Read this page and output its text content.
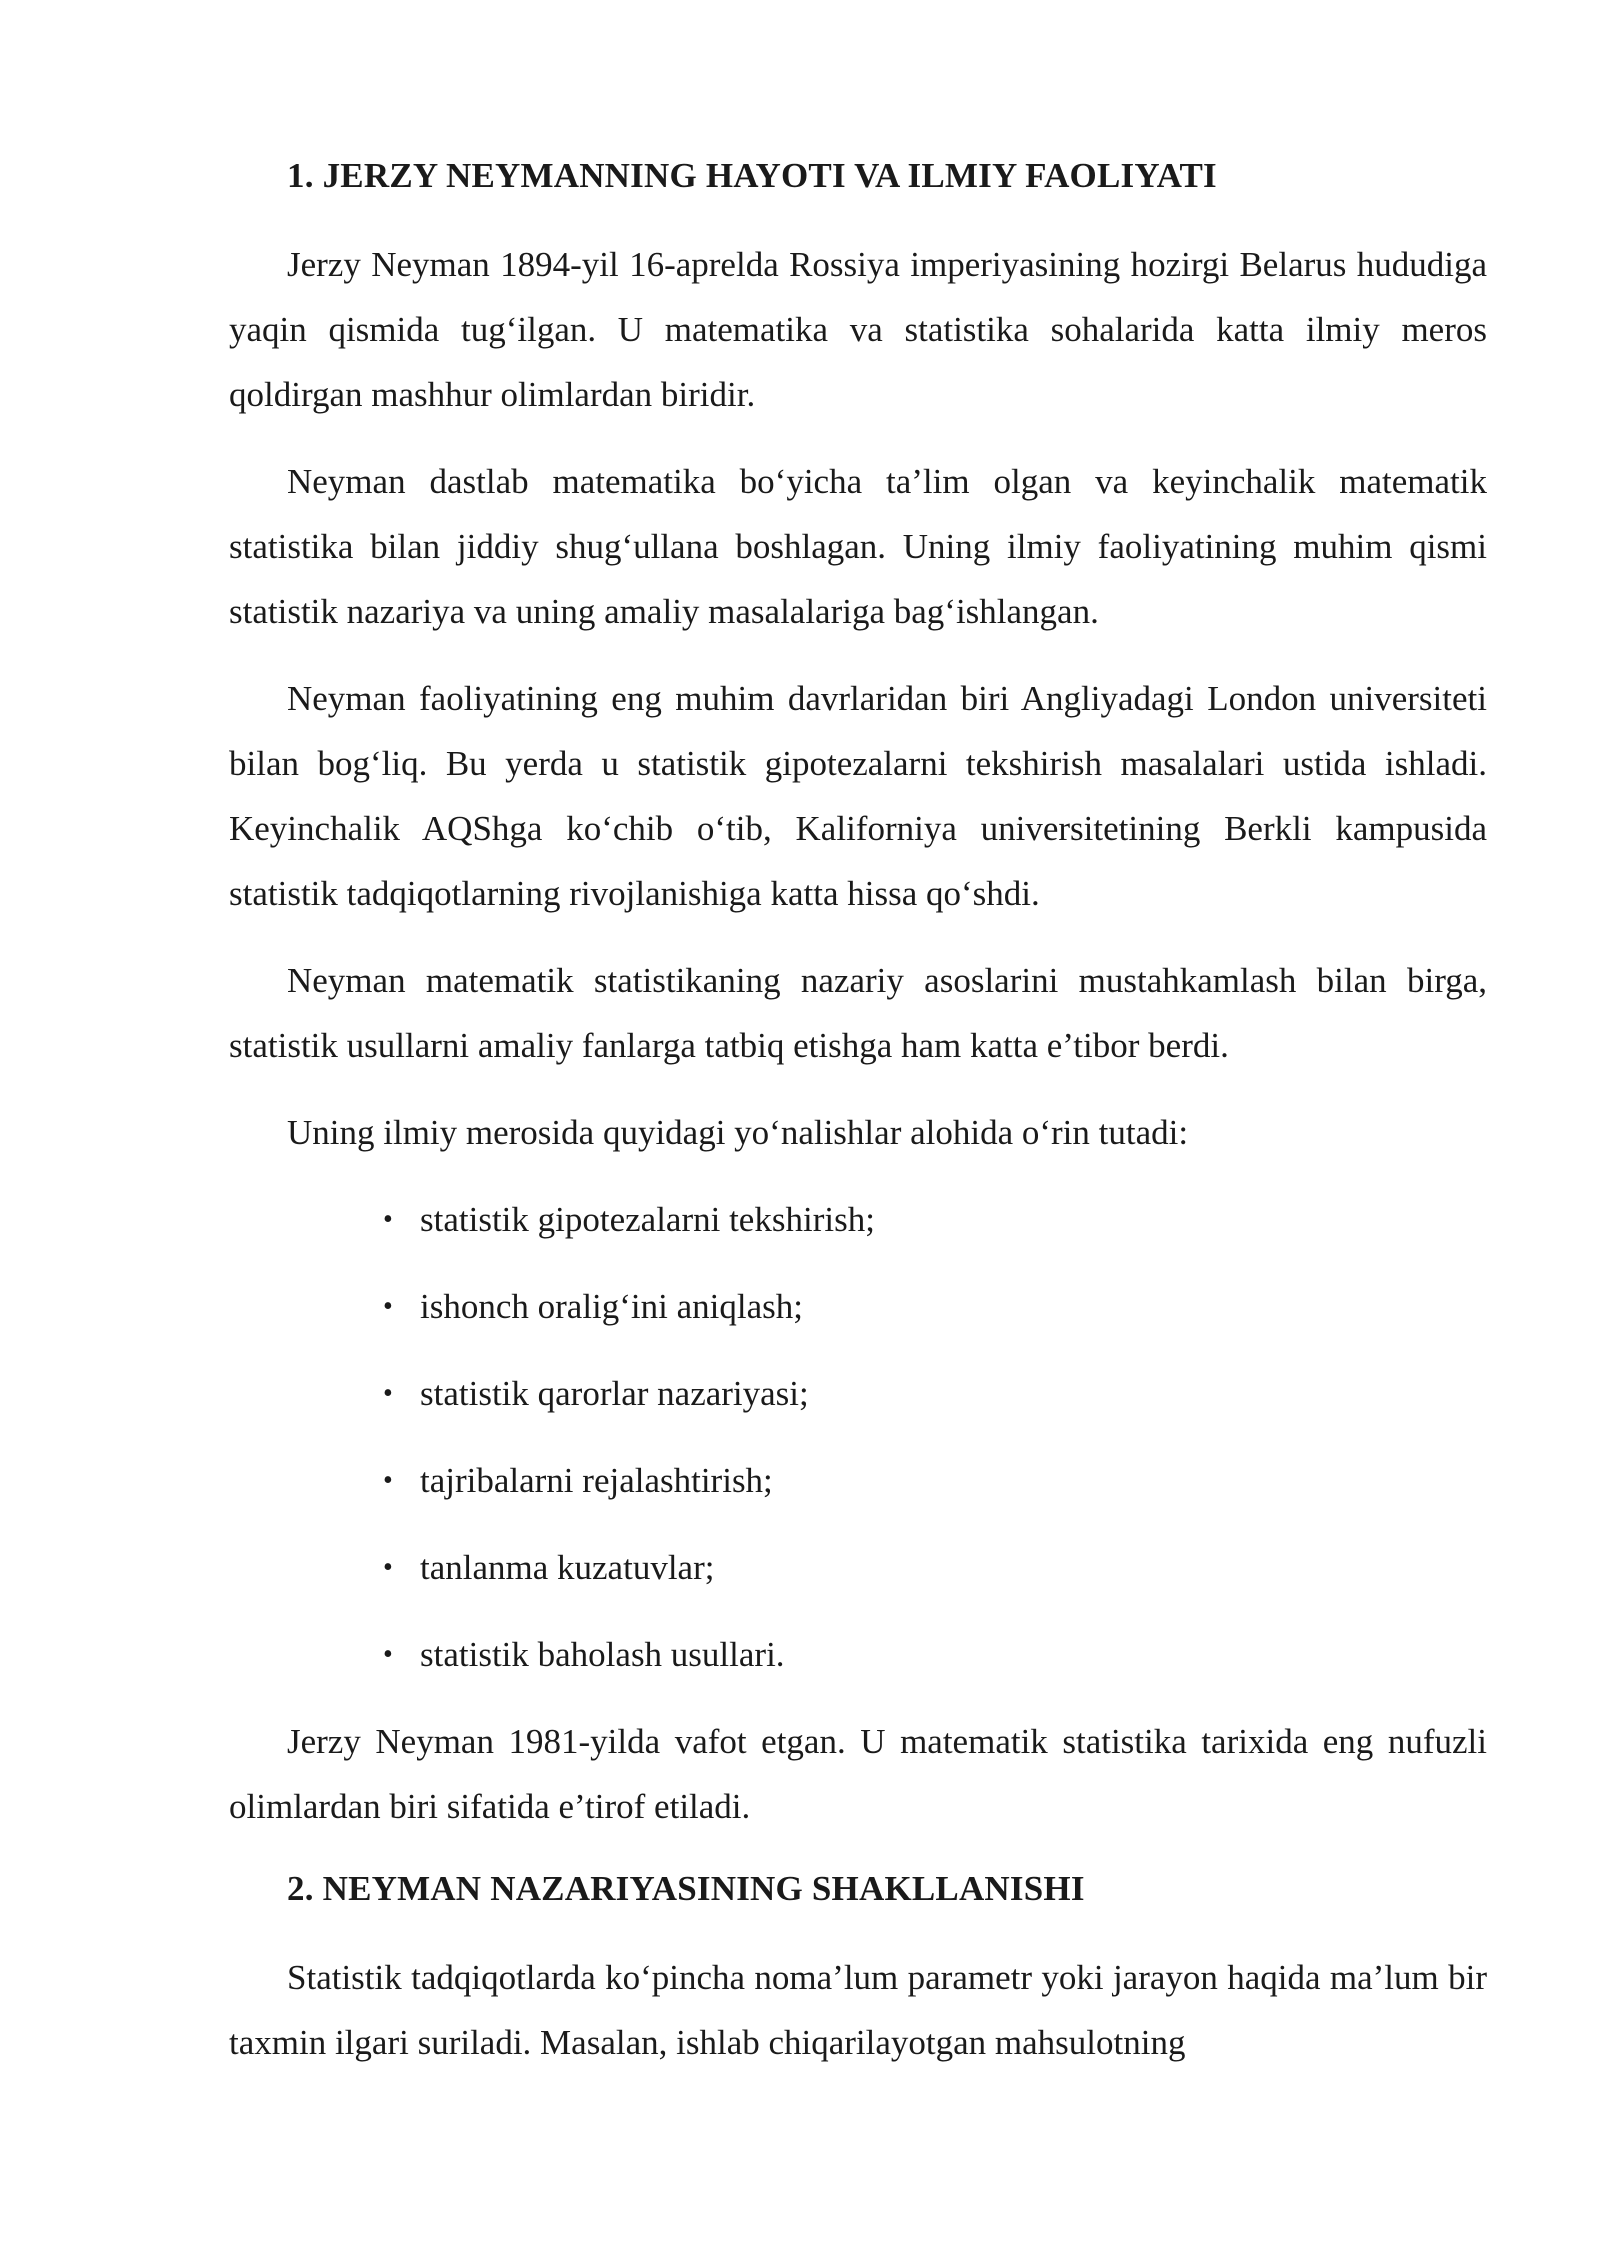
1. JERZY NEYMANNING HAYOTI VA ILMIY FAOLIYATI

Jerzy Neyman 1894-yil 16-aprelda Rossiya imperiyasining hozirgi Belarus hududiga yaqin qismida tug‘ilgan. U matematika va statistika sohalarida katta ilmiy meros qoldirgan mashhur olimlardan biridir.

Neyman dastlab matematika bo‘yicha ta’lim olgan va keyinchalik matematik statistika bilan jiddiy shug‘ullana boshlagan. Uning ilmiy faoliyatining muhim qismi statistik nazariya va uning amaliy masalalariga bag‘ishlangan.

Neyman faoliyatining eng muhim davrlaridan biri Angliyadagi London universiteti bilan bog‘liq. Bu yerda u statistik gipotezalarni tekshirish masalalari ustida ishladi. Keyinchalik AQShga ko‘chib o‘tib, Kaliforniya universitetining Berkli kampusida statistik tadqiqotlarning rivojlanishiga katta hissa qo‘shdi.

Neyman matematik statistikaning nazariy asoslarini mustahkamlash bilan birga, statistik usullarni amaliy fanlarga tatbiq etishga ham katta e’tibor berdi.

Uning ilmiy merosida quyidagi yo‘nalishlar alohida o‘rin tutadi:

• statistik gipotezalarni tekshirish;
• ishonch oralig‘ini aniqlash;
• statistik qarorlar nazariyasi;
• tajribalarni rejalashtirish;
• tanlanma kuzatuvlar;
• statistik baholash usullari.

Jerzy Neyman 1981-yilda vafot etgan. U matematik statistika tarixida eng nufuzli olimlardan biri sifatida e’tirof etiladi.

2. NEYMAN NAZARIYASINING SHAKLLANISHI

Statistik tadqiqotlarda ko‘pincha noma’lum parametr yoki jarayon haqida ma’lum bir taxmin ilgari suriladi. Masalan, ishlab chiqarilayotgan mahsulotning
